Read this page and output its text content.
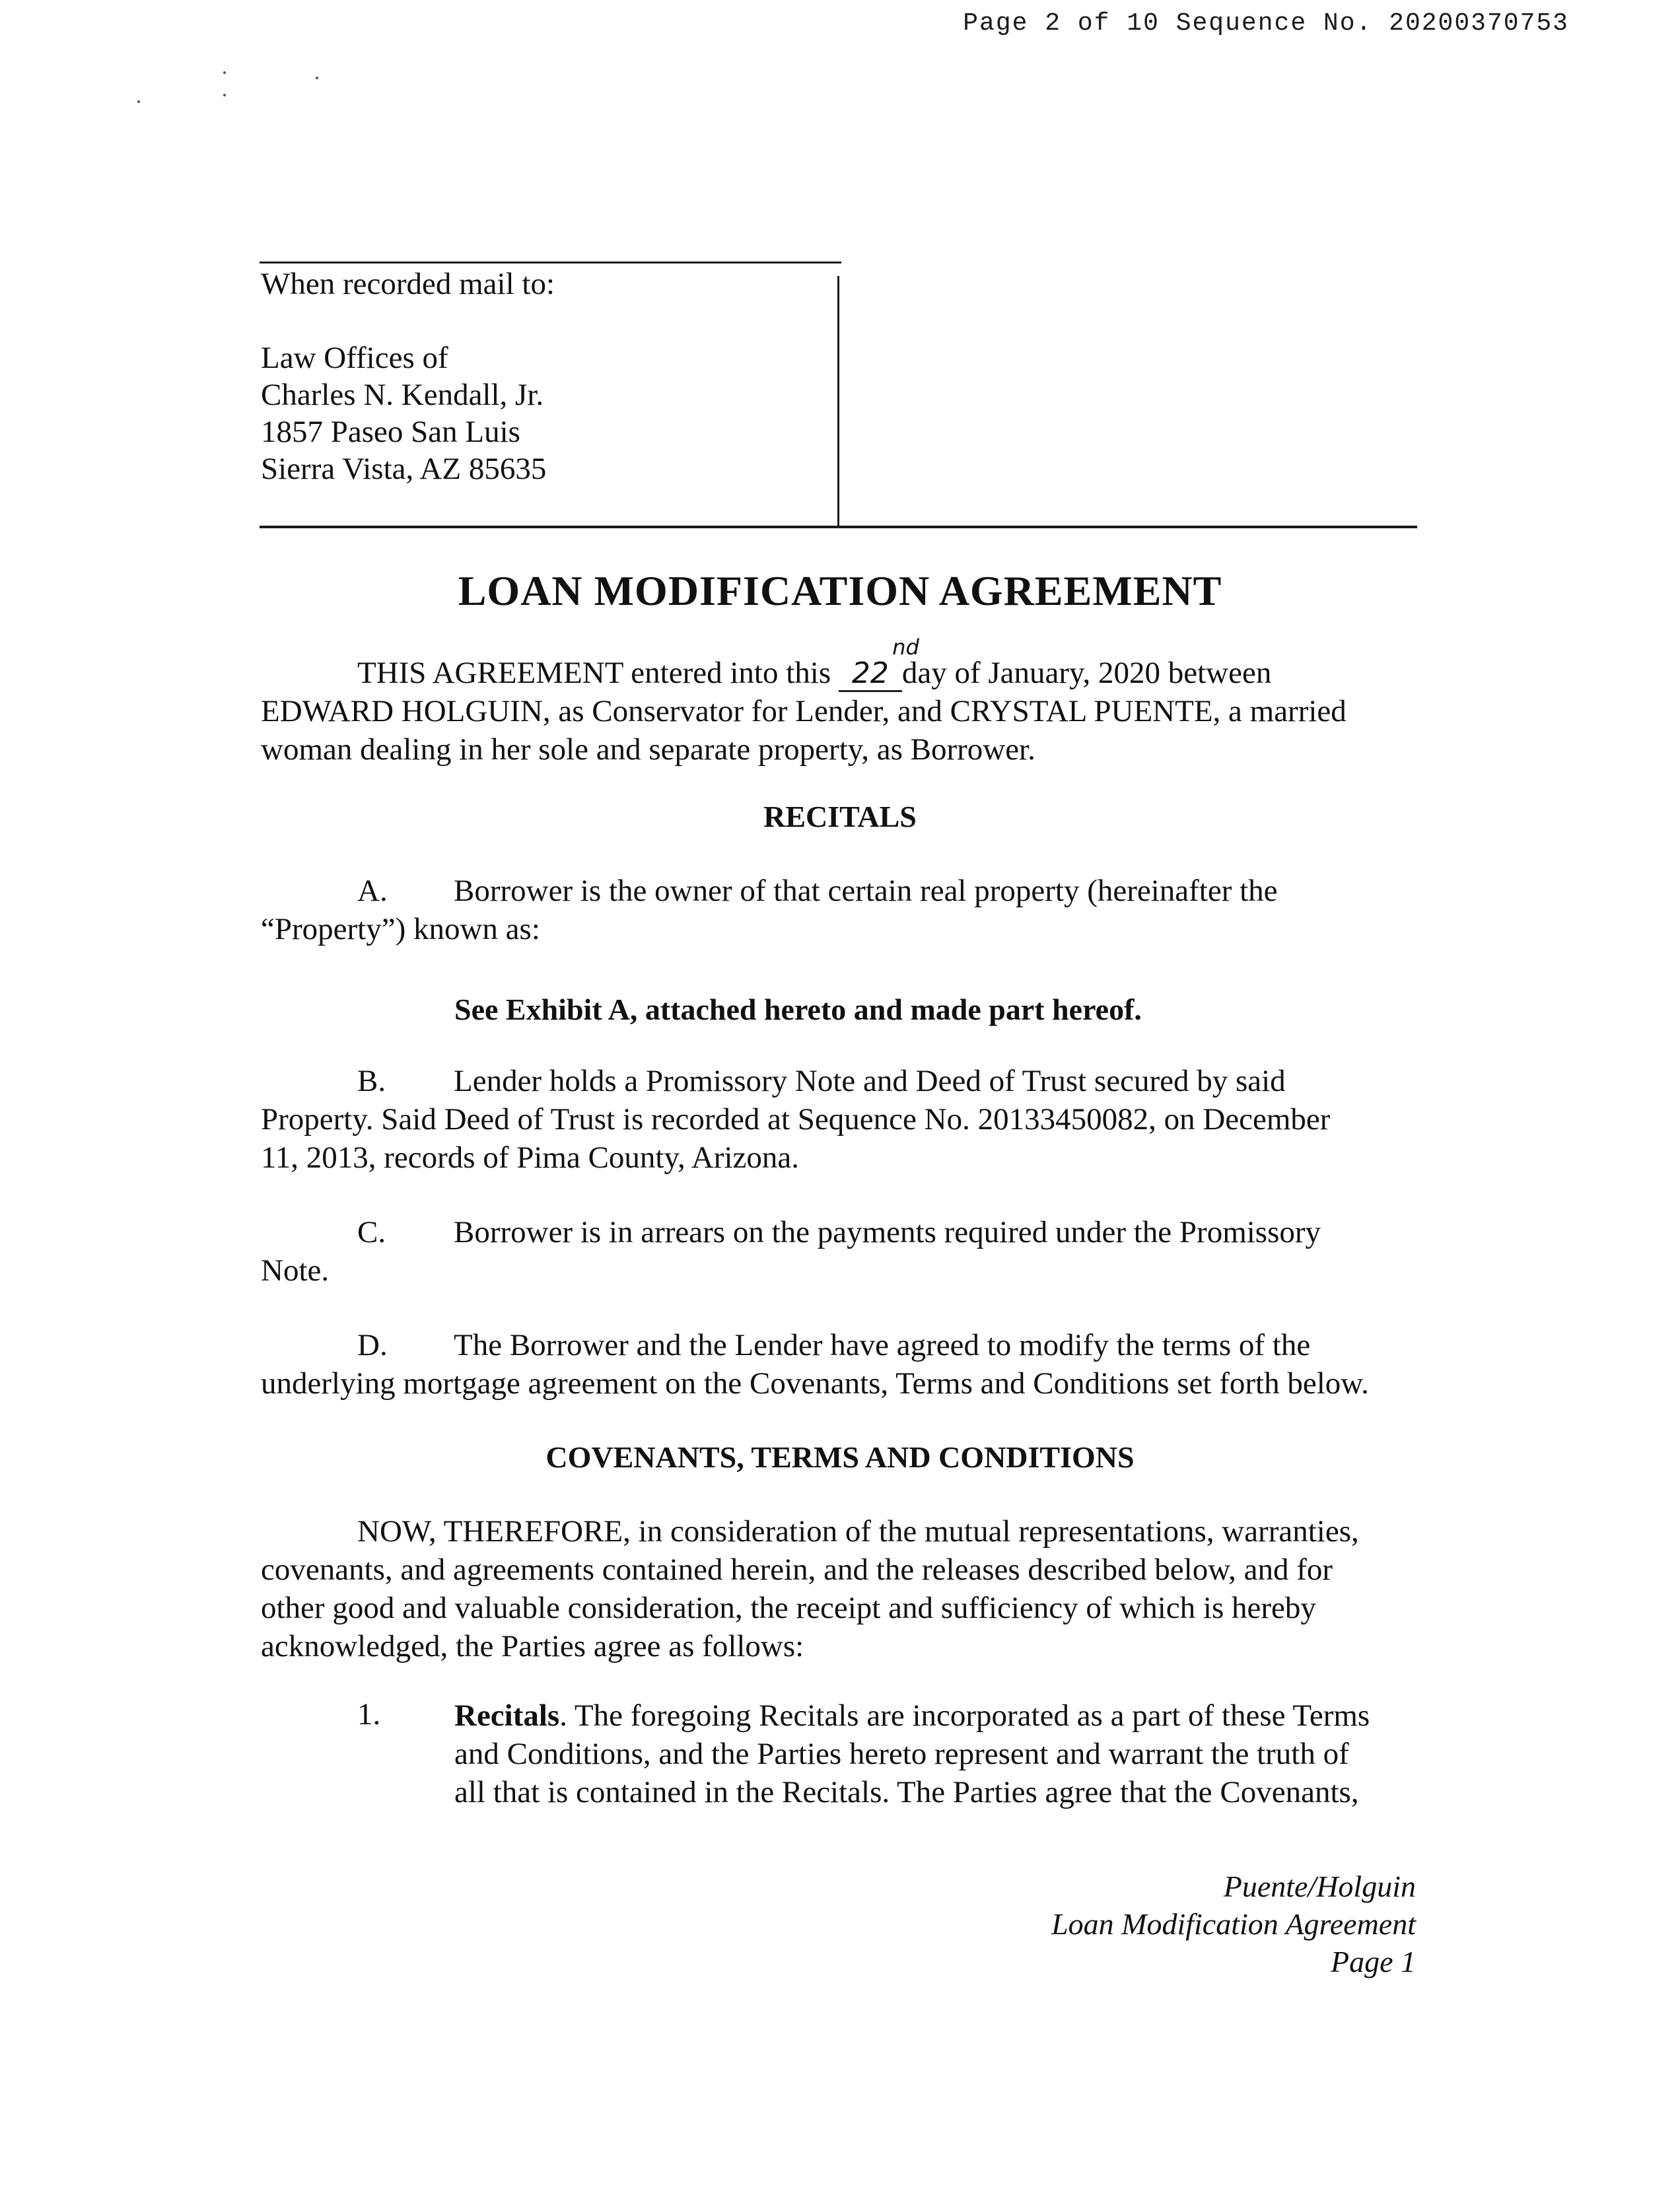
Page 2 of 10 Sequence No. 20200370753
When recorded mail to:
Law Offices of
Charles N. Kendall, Jr.
1857 Paseo San Luis
Sierra Vista, AZ 85635
LOAN MODIFICATION AGREEMENT
THIS AGREEMENT entered into this 22
nd
day of January, 2020 between
EDWARD HOLGUIN, as Conservator for Lender, and CRYSTAL PUENTE, a married
woman dealing in her sole and separate property, as Borrower.
RECITALS
A. Borrower is the owner of that certain real property (hereinafter the
“Property”) known as:
See Exhibit A, attached hereto and made part hereof.
B. Lender holds a Promissory Note and Deed of Trust secured by said
Property. Said Deed of Trust is recorded at Sequence No. 20133450082, on December
11, 2013, records of Pima County, Arizona.
C. Borrower is in arrears on the payments required under the Promissory
Note.
D. The Borrower and the Lender have agreed to modify the terms of the
underlying mortgage agreement on the Covenants, Terms and Conditions set forth below.
COVENANTS, TERMS AND CONDITIONS
NOW, THEREFORE, in consideration of the mutual representations, warranties,
covenants, and agreements contained herein, and the releases described below, and for
other good and valuable consideration, the receipt and sufficiency of which is hereby
acknowledged, the Parties agree as follows:
1. Recitals. The foregoing Recitals are incorporated as a part of these Terms
and Conditions, and the Parties hereto represent and warrant the truth of
all that is contained in the Recitals. The Parties agree that the Covenants,
Puente/Holguin
Loan Modification Agreement
Page 1
